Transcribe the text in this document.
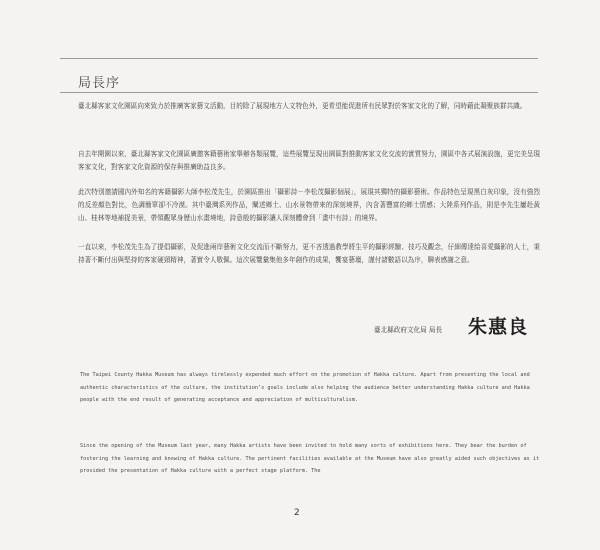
局長序

臺北縣客家文化園區向來致力於推廣客家藝文活動，目的除了展現地方人文特色外，更希望能促進所有民眾對於客家文化的了解，同時藉此凝聚族群共識。

自去年開園以來，臺北縣客家文化園區廣邀客籍藝術家舉辦各類展覽，這些展覽呈現出園區對推動客家文化交流的實質努力，園區中各式展演設施，更完美呈現客家文化，對客家文化資源的保存與推廣助益良多。

此次特別邀請國內外知名的客籍攝影大師李松茂先生，於園區推出「攝影詩－李松茂攝影個展」，展現其獨特的攝影藝術。作品特色呈現黑白灰印象，沒有強烈的反差顏色對比，色調簡單卻不冷漠。其中臺灣系列作品，闡述鄉土、山水景物帶來的深刻境界，內含著豐富的鄉土情感；大陸系列作品，則是李先生屢赴黃山、桂林等地補捉美景，帶領觀眾身歷山水畫境地，詩意般的攝影讓人深刻體會到「畫中有詩」的境界。

一直以來，李松茂先生為了提倡攝影，及促進兩岸藝術文化交流而不斷努力，更不吝透過教學將生平的攝影經驗、技巧及觀念，仔細傳達給喜愛攝影的人士，秉持著不斷付出與堅持的客家硬頸精神，著實令人敬佩。這次展覽彙集他多年創作的成果，饗宴藝壇，謹付諸數語以為序，聊表感謝之意。

臺北縣政府文化局 局長 朱惠良

The Taipei County Hakka Museum has always tirelessly expended much effort on the promotion of Hakka culture. Apart from presenting the local and authentic characteristics of the culture, the institution’s goals include also helping the audience better understanding Hakka culture and Hakka people with the end result of generating acceptance and appreciation of multiculturalism.

Since the opening of the Museum last year, many Hakka artists have been invited to hold many sorts of exhibitions here. They bear the burden of fostering the learning and knowing of Hakka culture. The pertinent facilities available at the Museum have also greatly aided such objectives as it provided the presentation of Hakka culture with a perfect stage platform. The

2
